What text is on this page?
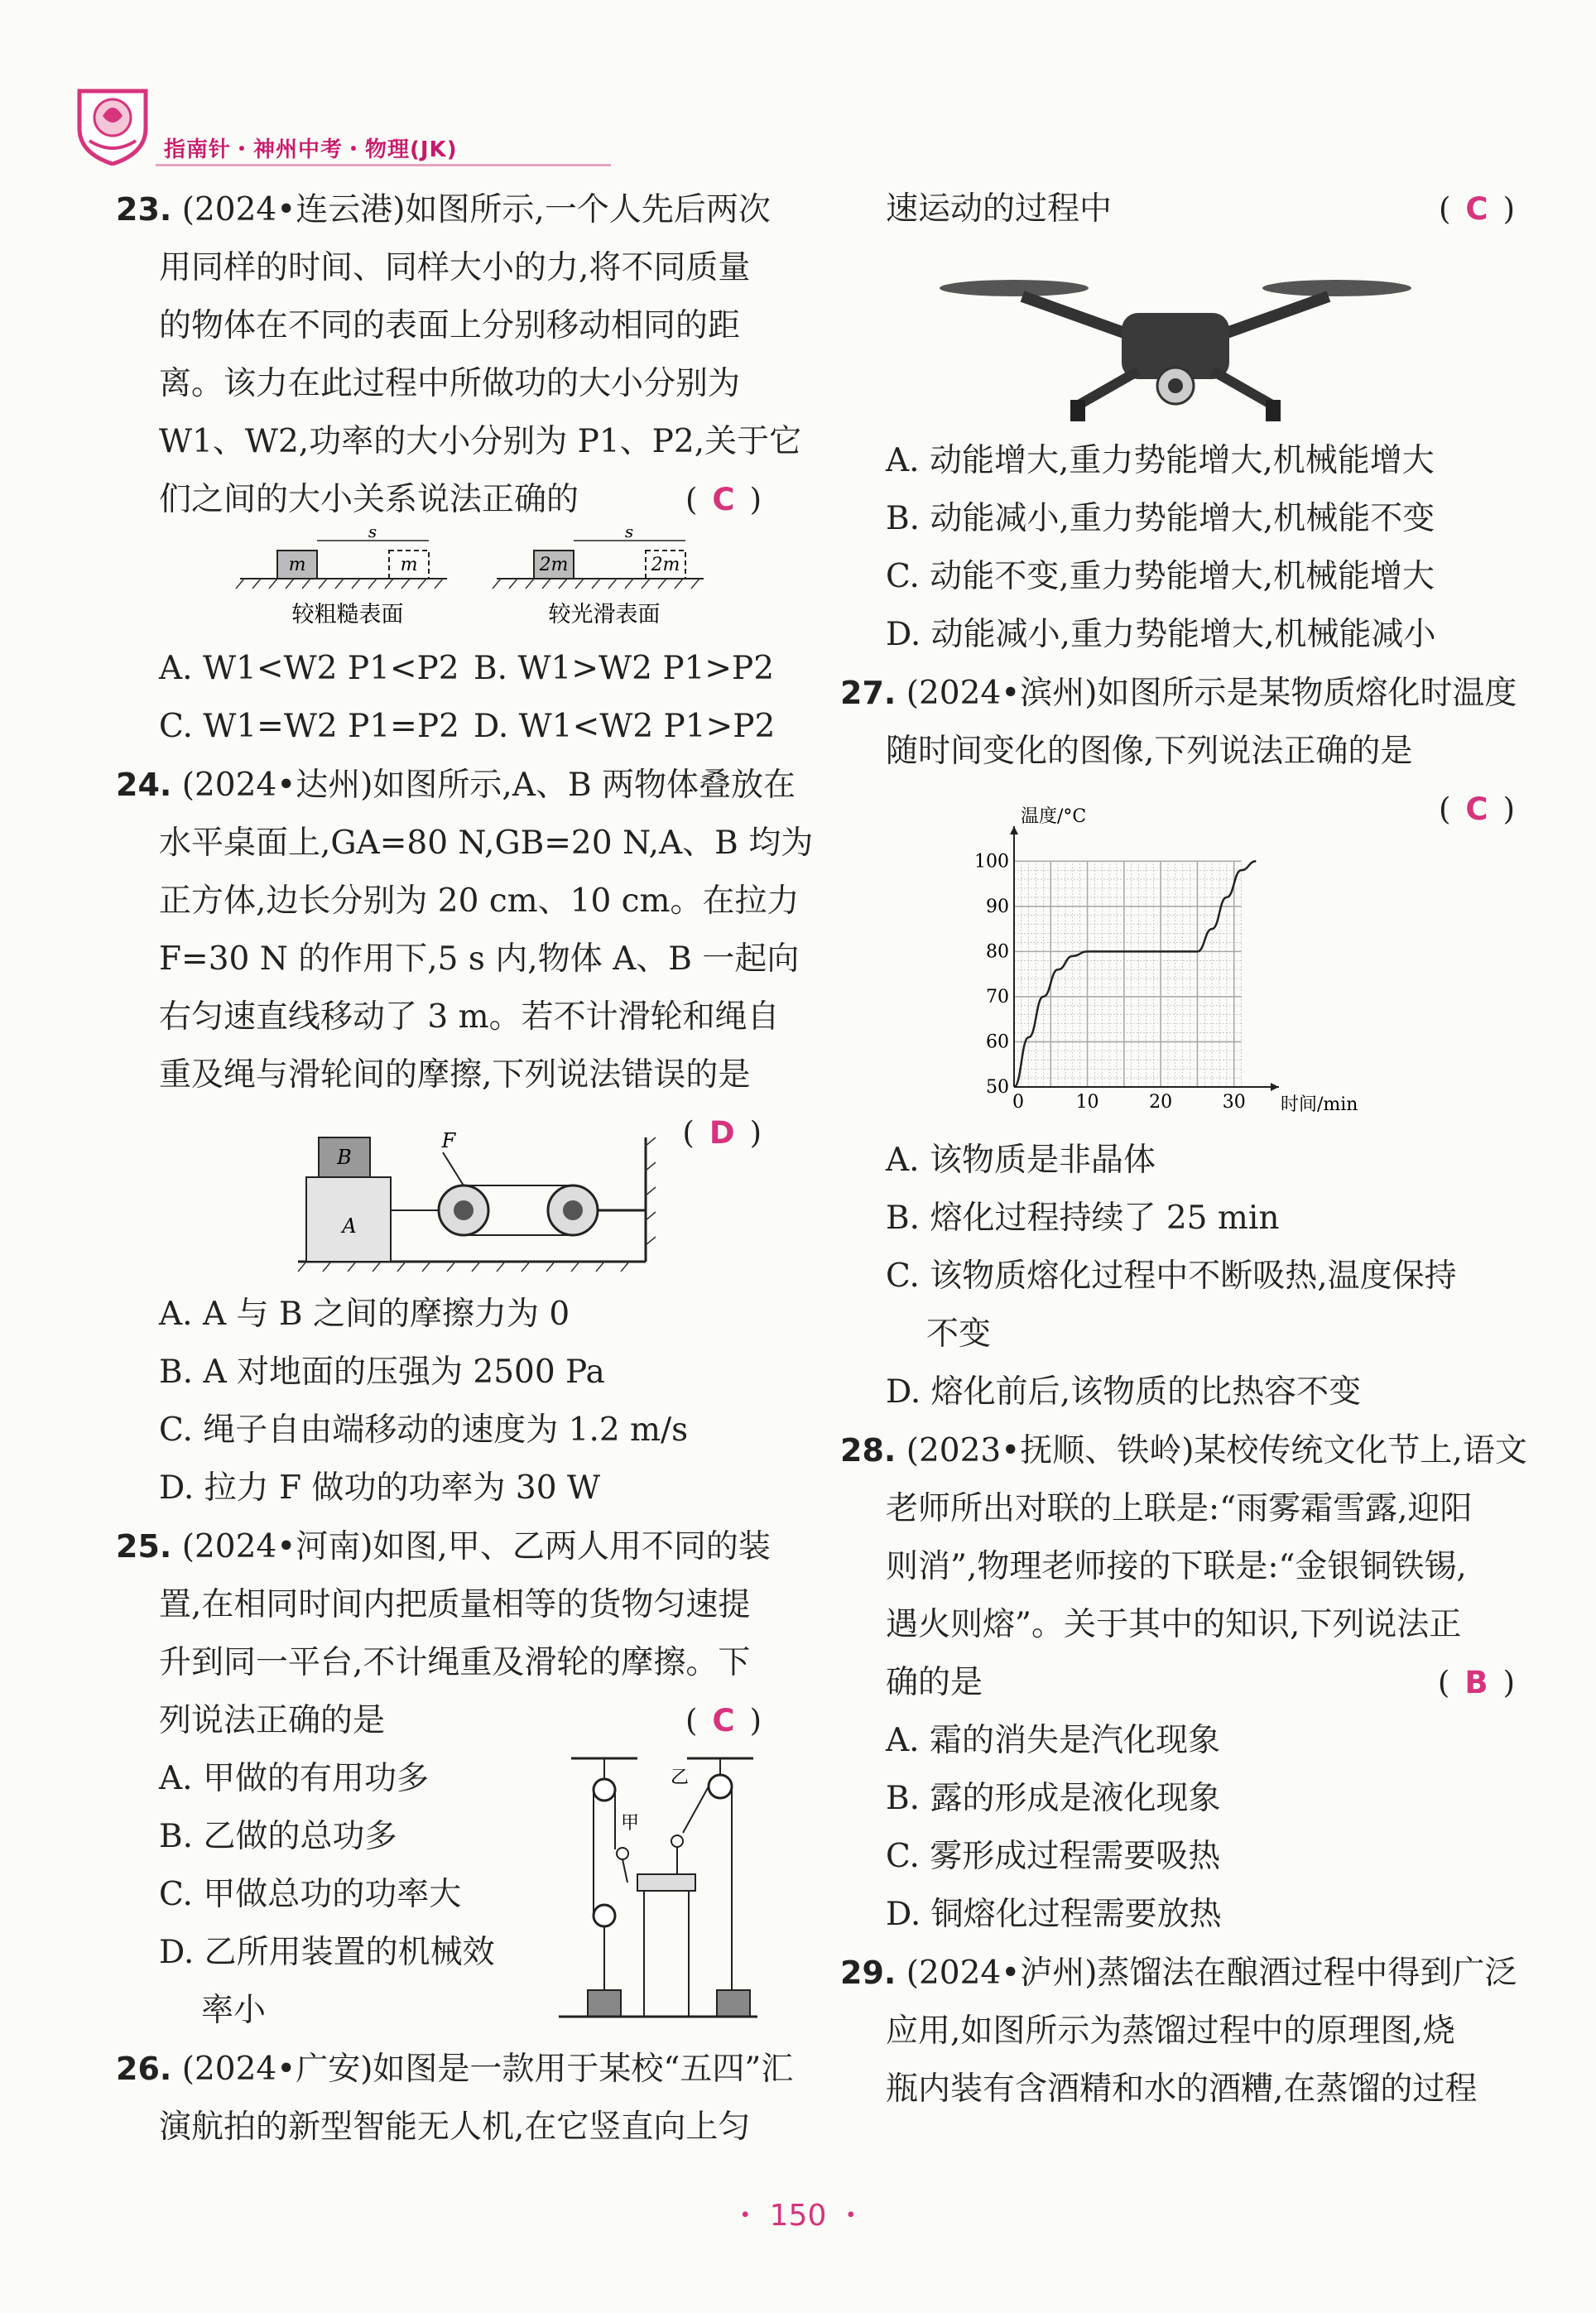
指南针・神州中考・物理(JK)
23. (2024•连云港)如图所示,一个人先后两次
用同样的时间、同样大小的力,将不同质量
的物体在不同的表面上分别移动相同的距
离。该力在此过程中所做功的大小分别为
W1、W2,功率的大小分别为 P1、P2,关于它
们之间的大小关系说法正确的	( C )
m	m
s
较粗糙表面
2m	2m
s
较光滑表面
A. W1<W2 P1<P2 B. W1>W2 P1>P2
C. W1=W2 P1=P2 D. W1<W2 P1>P2
24. (2024•达州)如图所示,A、B 两物体叠放在
水平桌面上,GA=80 N,GB=20 N,A、B 均为
正方体,边长分别为 20 cm、10 cm。在拉力
F=30 N 的作用下,5 s 内,物体 A、B 一起向
右匀速直线移动了 3 m。若不计滑轮和绳自
重及绳与滑轮间的摩擦,下列说法错误的是
( D )
A
B
F
A. A 与 B 之间的摩擦力为 0
B. A 对地面的压强为 2500 Pa
C. 绳子自由端移动的速度为 1.2 m/s
D. 拉力 F 做功的功率为 30 W
25. (2024•河南)如图,甲、乙两人用不同的装
置,在相同时间内把质量相等的货物匀速提
升到同一平台,不计绳重及滑轮的摩擦。下
列说法正确的是	( C )
A. 甲做的有用功多
B. 乙做的总功多
C. 甲做总功的功率大
D. 乙所用装置的机械效
率小
甲
乙
26. (2024•广安)如图是一款用于某校“五四”汇
演航拍的新型智能无人机,在它竖直向上匀
速运动的过程中	( C )
A. 动能增大,重力势能增大,机械能增大
B. 动能减小,重力势能增大,机械能不变
C. 动能不变,重力势能增大,机械能增大
D. 动能减小,重力势能增大,机械能减小
27. (2024•滨州)如图所示是某物质熔化时温度
随时间变化的图像,下列说法正确的是
( C )
0	10	20	30
50
60
70
80
90
100
时间/min
温度/°C
A. 该物质是非晶体
B. 熔化过程持续了 25 min
C. 该物质熔化过程中不断吸热,温度保持
不变
D. 熔化前后,该物质的比热容不变
28. (2023•抚顺、铁岭)某校传统文化节上,语文
老师所出对联的上联是:“雨雾霜雪露,迎阳
则消”,物理老师接的下联是:“金银铜铁锡,
遇火则熔”。关于其中的知识,下列说法正
确的是	( B )
A. 霜的消失是汽化现象
B. 露的形成是液化现象
C. 雾形成过程需要吸热
D. 铜熔化过程需要放热
29. (2024•泸州)蒸馏法在酿酒过程中得到广泛
应用,如图所示为蒸馏过程中的原理图,烧
瓶内装有含酒精和水的酒糟,在蒸馏的过程
・ 150 ・
